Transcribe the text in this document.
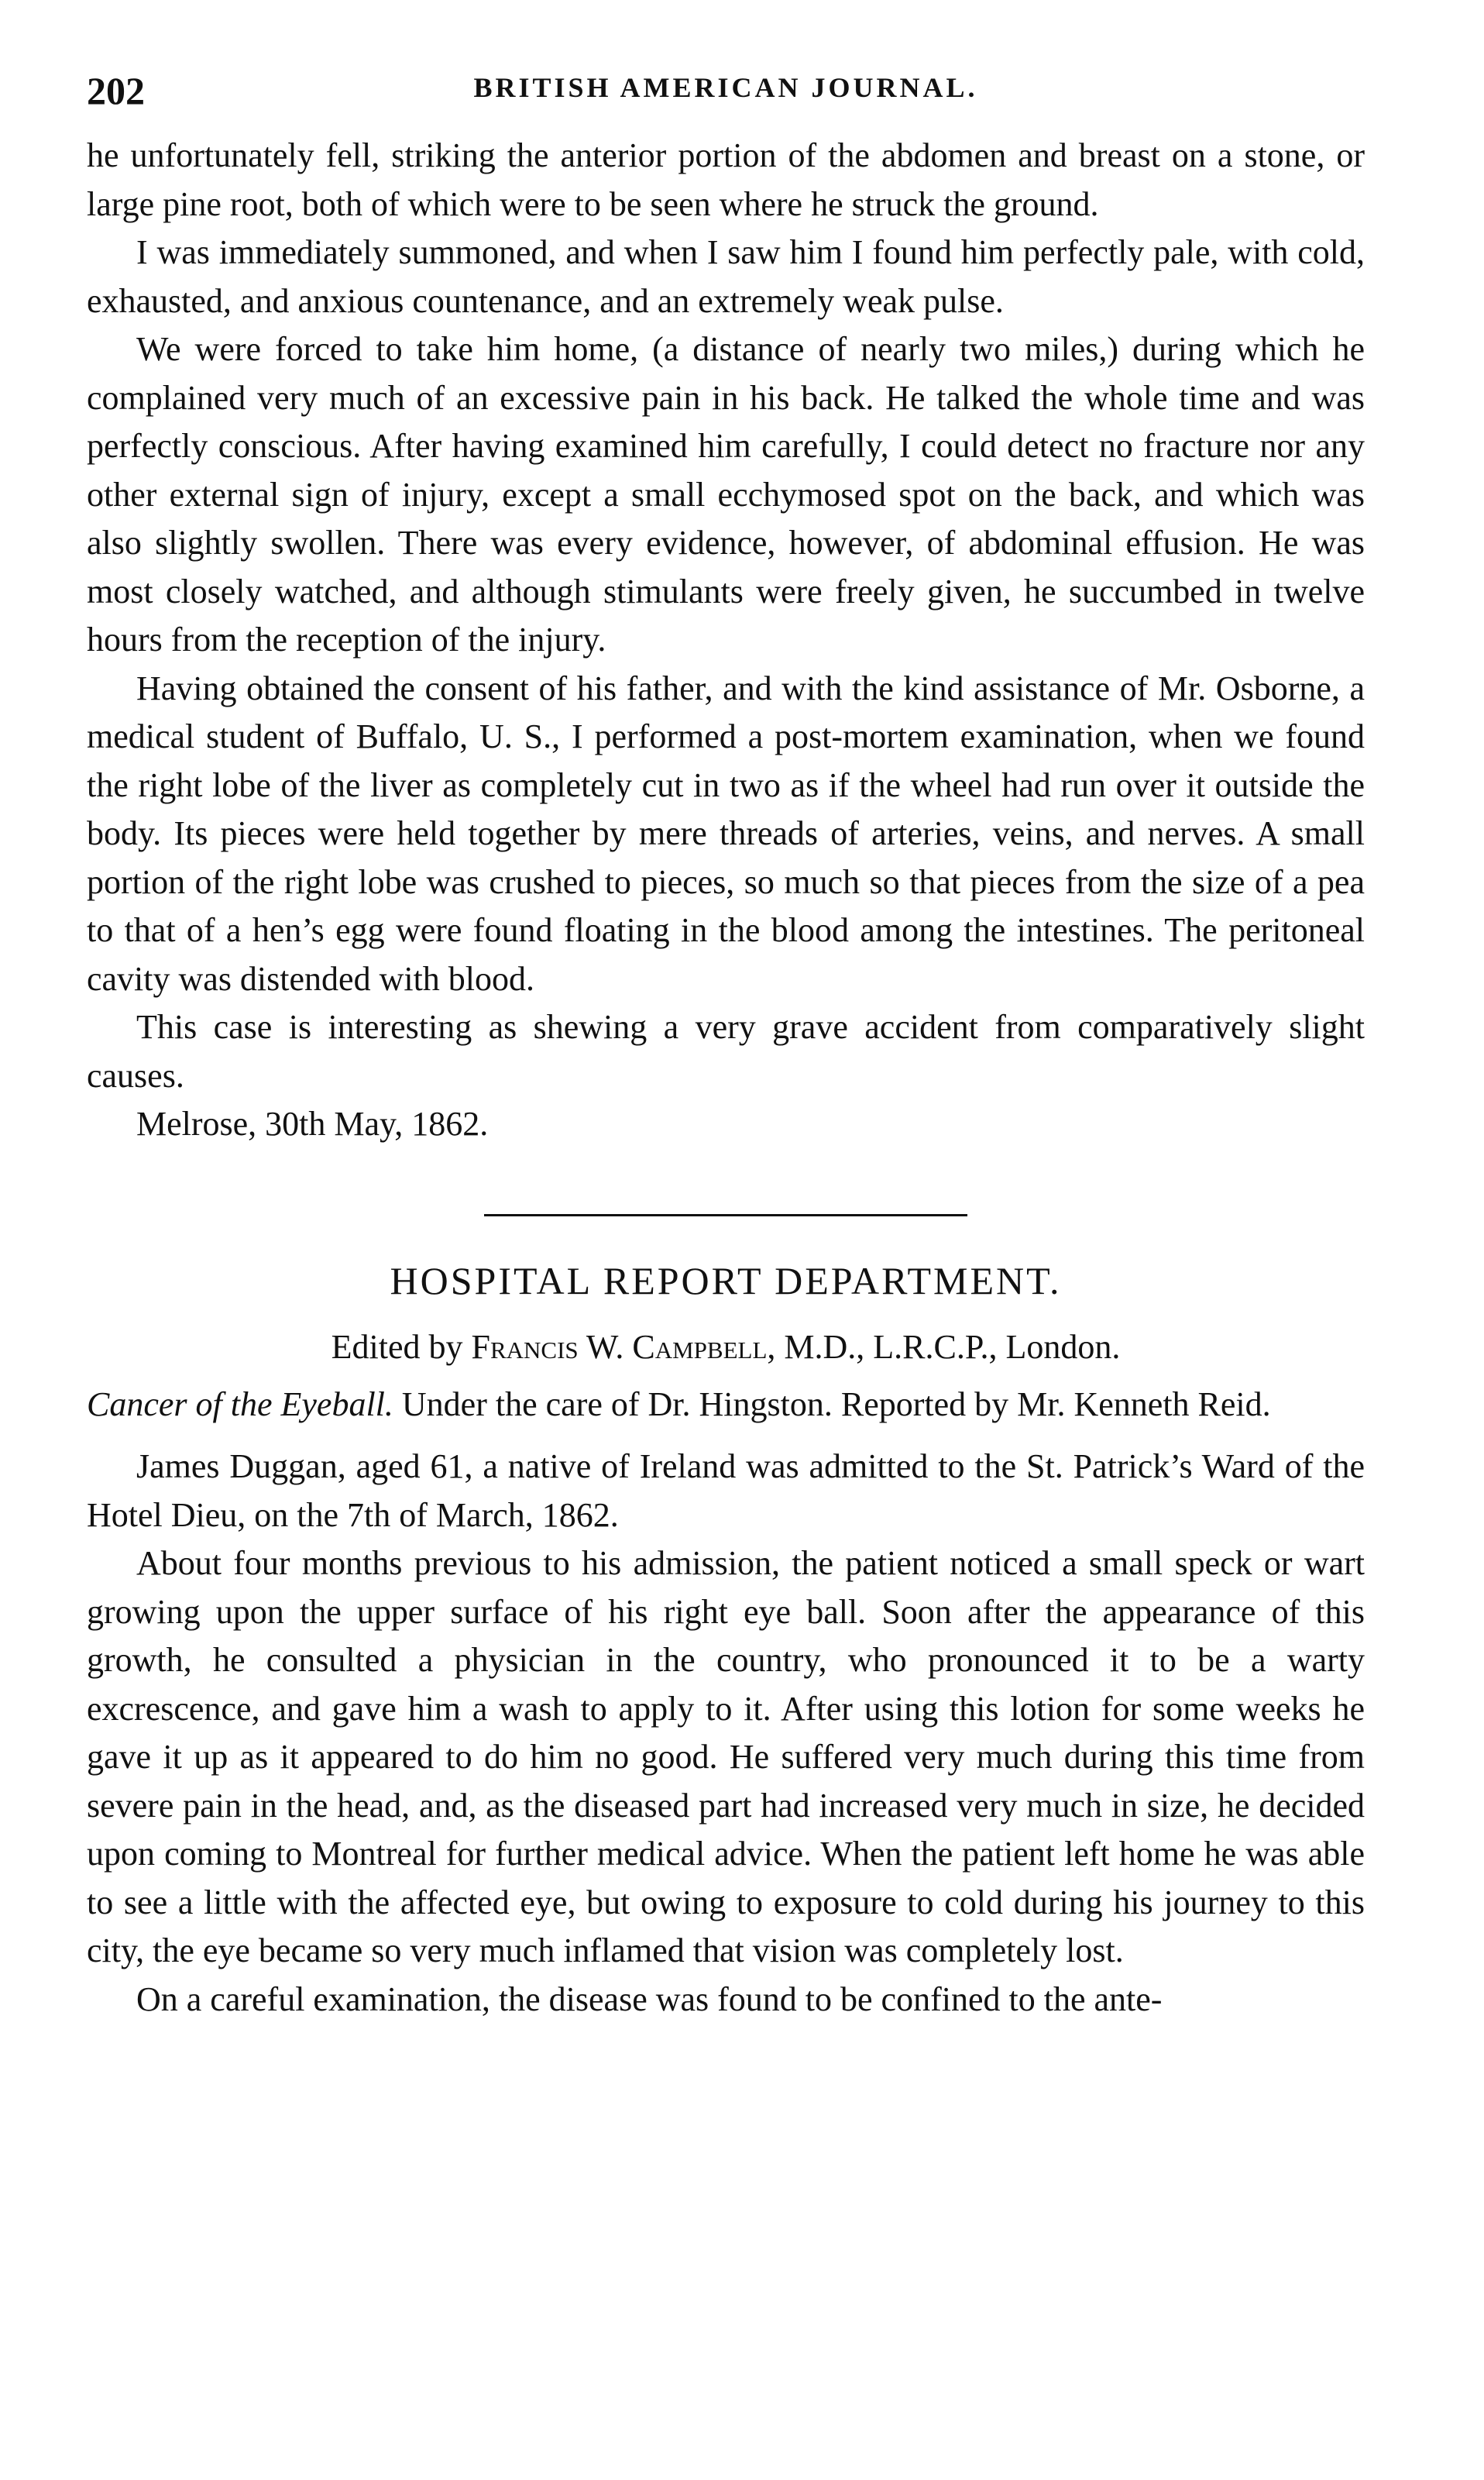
202	BRITISH AMERICAN JOURNAL.

he unfortunately fell, striking the anterior portion of the abdomen and breast on a stone, or large pine root, both of which were to be seen where he struck the ground.

I was immediately summoned, and when I saw him I found him perfectly pale, with cold, exhausted, and anxious countenance, and an extremely weak pulse.

We were forced to take him home, (a distance of nearly two miles,) during which he complained very much of an excessive pain in his back. He talked the whole time and was perfectly conscious. After having examined him carefully, I could detect no fracture nor any other external sign of injury, except a small ecchymosed spot on the back, and which was also slightly swollen. There was every evidence, however, of abdominal effusion. He was most closely watched, and although stimulants were freely given, he succumbed in twelve hours from the reception of the injury.

Having obtained the consent of his father, and with the kind assistance of Mr. Osborne, a medical student of Buffalo, U. S., I performed a post-mortem examination, when we found the right lobe of the liver as completely cut in two as if the wheel had run over it outside the body. Its pieces were held together by mere threads of arteries, veins, and nerves. A small portion of the right lobe was crushed to pieces, so much so that pieces from the size of a pea to that of a hen’s egg were found floating in the blood among the intestines. The peritoneal cavity was distended with blood.

This case is interesting as shewing a very grave accident from comparatively slight causes.

Melrose, 30th May, 1862.

HOSPITAL REPORT DEPARTMENT.
Edited by Francis W. Campbell, M.D., L.R.C.P., London.

Cancer of the Eyeball. Under the care of Dr. Hingston. Reported by Mr. Kenneth Reid.

James Duggan, aged 61, a native of Ireland was admitted to the St. Patrick’s Ward of the Hotel Dieu, on the 7th of March, 1862.

About four months previous to his admission, the patient noticed a small speck or wart growing upon the upper surface of his right eye ball. Soon after the appearance of this growth, he consulted a physician in the country, who pronounced it to be a warty excrescence, and gave him a wash to apply to it. After using this lotion for some weeks he gave it up as it appeared to do him no good. He suffered very much during this time from severe pain in the head, and, as the diseased part had increased very much in size, he decided upon coming to Montreal for further medical advice. When the patient left home he was able to see a little with the affected eye, but owing to exposure to cold during his journey to this city, the eye became so very much inflamed that vision was completely lost.

On a careful examination, the disease was found to be confined to the ante-
